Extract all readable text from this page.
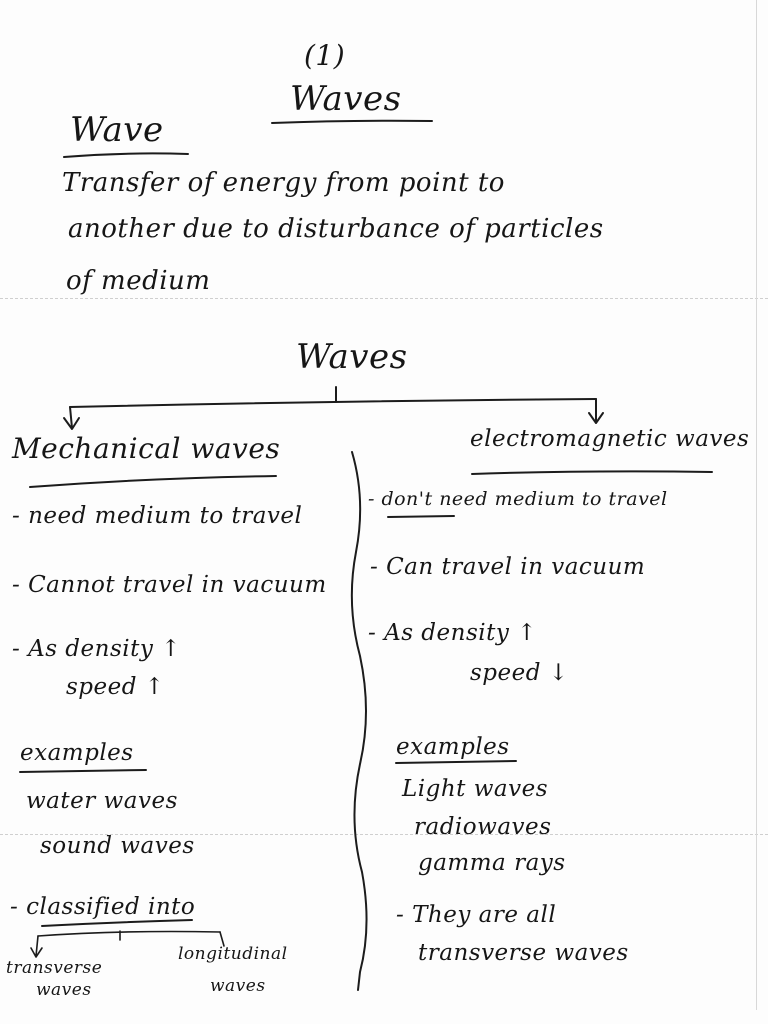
(1)
Waves
Wave
Transfer of energy from point to
another due to disturbance of particles
of medium
Waves
Mechanical waves
- need medium to travel
- Cannot travel in vacuum
- As density ↑
speed ↑
examples
water waves
sound waves
- classified into
transverse
waves
longitudinal
waves
electromagnetic waves
- don't need medium to travel
- Can travel in vacuum
- As density ↑
speed ↓
examples
Light waves
radiowaves
gamma rays
- They are all
transverse waves
